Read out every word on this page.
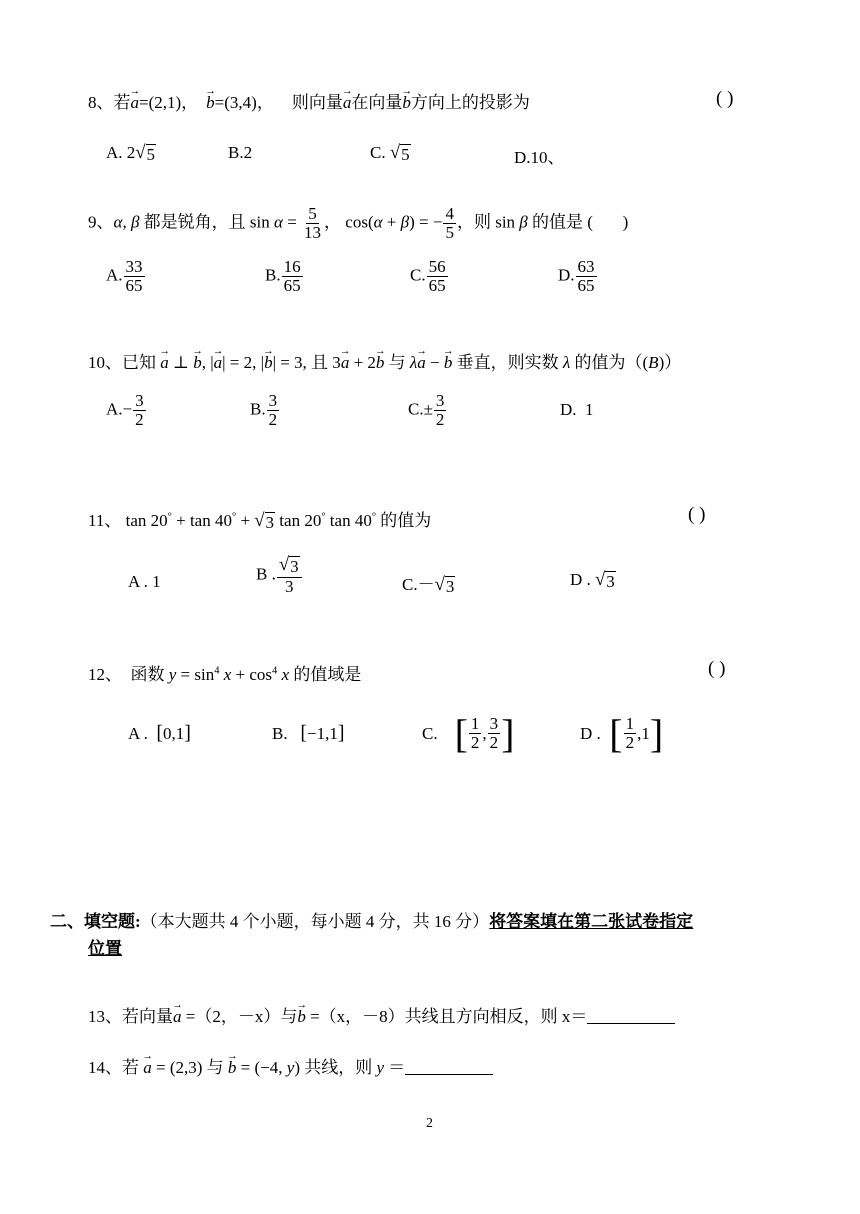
8、若→ a=(2,1)，→ b=(3,4)， 则向量→ a在向量→ b方向上的投影为	( )
A. 2 √ 5	B.2	C. √ 5	D.10、
9、α, β 都是锐角，且 $\sin \alpha = \frac{5}{13}$ ， cos(α + β) = − $\frac{4}{5}$ ，则 sin β 的值是 (       )
A. $\frac{33}{65}$	B. $\frac{16}{65}$	C. $\frac{56}{65}$	D. $\frac{63}{65}$
10、已知 → a ⊥ → b, |→ a| = 2, |→ b| = 3, 且 3→ a + 2→ b 与 λ→ a − → b 垂直，则实数 λ 的值为（(B)）
$A.- \frac{3}{2}$	B. $\frac{3}{2}$	$C.\pm \frac{3}{2}$	D.  1
11、 tan 20° + tan 40° + √ 3 tan 20° tan 40° 的值为	( )
A . 1	B . $\frac{√ 3}{3}$	C.－ √ 3	D . √ 3
12、  函数 $y = \sin^4 x + \cos^4 x$ 的值域是	( )
A .  [0,1]	B.   [−1,1]	C. [ $\frac{1}{2}$ , $\frac{3}{2}$ ]	D . [ $\frac{1}{2} ,1$ ]
二、填空题:（本大题共 4 个小题，每小题 4 分，共 16 分）将答案填在第二张试卷指定
位置
13、若向量→ a =（2，－x）与→ b =（x，－8）共线且方向相反，则 x＝
14、若 → a = (2,3) 与 → b = (−4, y) 共线，则 y ＝
2
